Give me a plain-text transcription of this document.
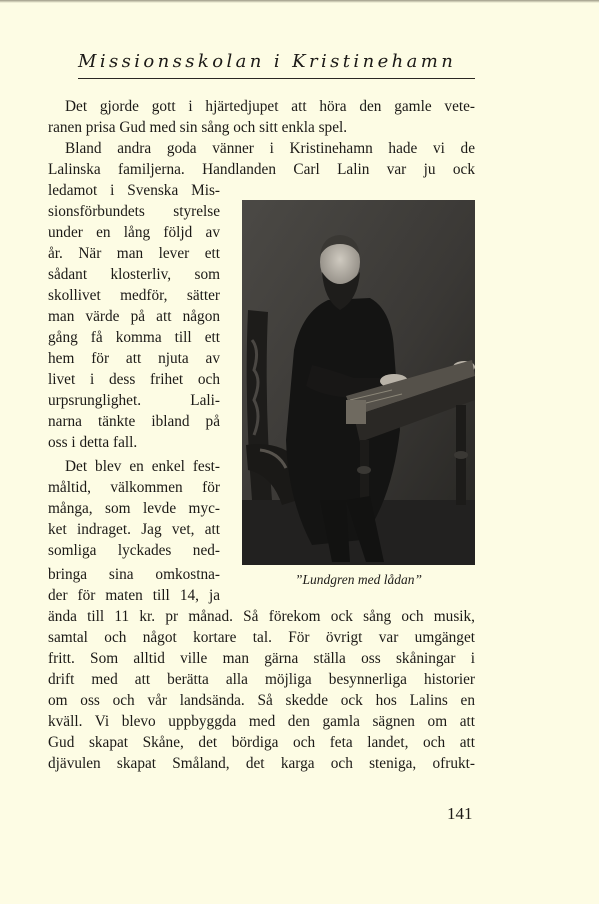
Missionsskolan i Kristinehamn
Det gjorde gott i hjärtedjupet att höra den gamle vete-
ranen prisa Gud med sin sång och sitt enkla spel.
Bland andra goda vänner i Kristinehamn hade vi de
Lalinska familjerna. Handlanden Carl Lalin var ju ock
ledamot i Svenska Mis-
sionsförbundets styrelse
under en lång följd av
år. När man lever ett
sådant klosterliv, som
skollivet medför, sätter
man värde på att någon
gång få komma till ett
hem för att njuta av
livet i dess frihet och
urpsrunglighet. Lali-
narna tänkte ibland på
oss i detta fall.
Det blev en enkel fest-
måltid, välkommen för
många, som levde myc-
ket indraget. Jag vet, att
somliga lyckades ned-
bringa sina omkostna-
der för maten till 14, ja
ända till 11 kr. pr månad. Så förekom ock sång och musik,
samtal och något kortare tal. För övrigt var umgänget
fritt. Som alltid ville man gärna ställa oss skåningar i
drift med att berätta alla möjliga besynnerliga historier
om oss och vår landsända. Så skedde ock hos Lalins en
kväll. Vi blevo uppbyggda med den gamla sägnen om att
Gud skapat Skåne, det bördiga och feta landet, och att
djävulen skapat Småland, det karga och steniga, ofrukt-
”Lundgren med lådan”
141
